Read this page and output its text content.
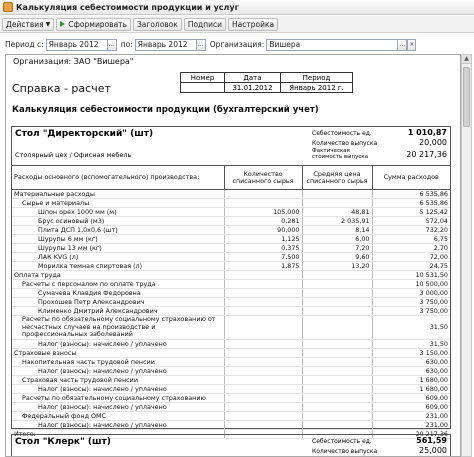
Калькуляция себестоимости продукции и услуг
Действия ▼ Сформировать	Заголовок	Подписи	Настройка
Период с: Январь 2012	… по: Январь 2012	… Организация: Вишера	… ×
Организация: ЗАО "Вишера"
Номер	Дата	Период
	31.01.2012	Январь 2012 г.
Справка - расчет
Калькуляция себестоимости продукции (бухгалтерский учет)
Стол "Директорский" (шт)
Столярный цех / Офисная мебель
Себестоимость ед.	1 010,87
Количество выпуска	20,000
Фактическая стоимость выпуска	20 217,36
Расходы основного (вспомогательного) производства:	Количество списанного сырья	Средняя цена списанного сырья	Сумма расходов
Материальные расходы			6 535,86
Сырье и материалы			6 535,86
Шпон орех 1000 мм (м)	105,000	48,81	5 125,42
Брус осиновый (м3)	0,281	2 035,91	572,04
Плита ДСП 1,0x0,6 (шт)	90,000	8,14	732,20
Шурупы 6 мм (кг)	1,125	6,00	6,75
Шурупы 13 мм (кг)	0,375	7,20	2,70
ЛАК KVG (л)	7,500	9,60	72,00
Морилка темная спиртовая (л)	1,875	13,20	24,75
Оплата труда			10 531,50
Расчеты с персоналом по оплате труда			10 500,00
Сумачева Клавдия Федоровна			3 000,00
Прохошев Петр Александрович			3 750,00
Клименко Дмитрий Александрович			3 750,00
Расчеты по обязательному социальному страхованию от несчастных случаев на производстве и профессиональных заболеваний			31,50
Налог (взносы): начислено / уплачено			31,50
Страховые взносы			3 150,00
Накопительная часть трудовой пенсии			630,00
Налог (взносы): начислено / уплачено			630,00
Страховая часть трудовой пенсии			1 680,00
Налог (взносы): начислено / уплачено			1 680,00
Расчеты по обязательному социальному страхованию			609,00
Налог (взносы): начислено / уплачено			609,00
Федеральный фонд ОМС			231,00
Налог (взносы): начислено / уплачено			231,00
Итого:			20 217,36
Стол "Клерк" (шт)	Себестоимость ед.	561,59
Количество выпуска	25,000
▲
